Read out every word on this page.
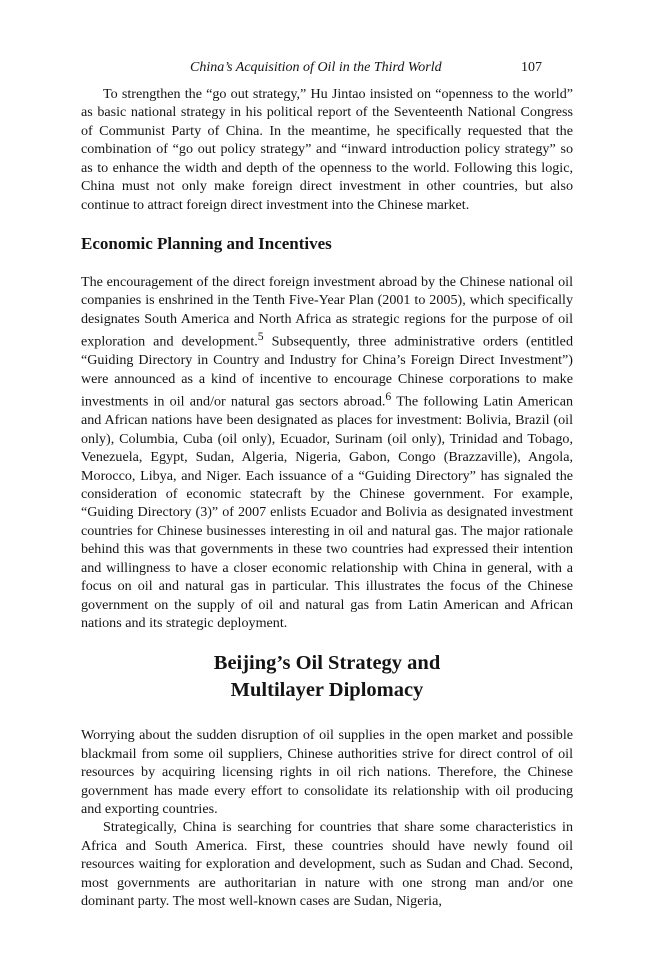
China’s Acquisition of Oil in the Third World	107

To strengthen the “go out strategy,” Hu Jintao insisted on “openness to the world” as basic national strategy in his political report of the Seventeenth National Congress of Communist Party of China. In the meantime, he specifically requested that the combination of “go out policy strategy” and “inward introduction policy strategy” so as to enhance the width and depth of the openness to the world. Following this logic, China must not only make foreign direct investment in other countries, but also continue to attract foreign direct investment into the Chinese market.

Economic Planning and Incentives

The encouragement of the direct foreign investment abroad by the Chinese national oil companies is enshrined in the Tenth Five-Year Plan (2001 to 2005), which specifically designates South America and North Africa as strategic regions for the purpose of oil exploration and development.$^5$ Subsequently, three administrative orders (entitled “Guiding Directory in Country and Industry for China’s Foreign Direct Investment”) were announced as a kind of incentive to encourage Chinese corporations to make investments in oil and/or natural gas sectors abroad.$^6$ The following Latin American and African nations have been designated as places for investment: Bolivia, Brazil (oil only), Columbia, Cuba (oil only), Ecuador, Surinam (oil only), Trinidad and Tobago, Venezuela, Egypt, Sudan, Algeria, Nigeria, Gabon, Congo (Brazzaville), Angola, Morocco, Libya, and Niger. Each issuance of a “Guiding Directory” has signaled the consideration of economic statecraft by the Chinese government. For example, “Guiding Directory (3)” of 2007 enlists Ecuador and Bolivia as designated investment countries for Chinese businesses interesting in oil and natural gas. The major rationale behind this was that governments in these two countries had expressed their intention and willingness to have a closer economic relationship with China in general, with a focus on oil and natural gas in particular. This illustrates the focus of the Chinese government on the supply of oil and natural gas from Latin American and African nations and its strategic deployment.

Beijing’s Oil Strategy and
Multilayer Diplomacy

Worrying about the sudden disruption of oil supplies in the open market and possible blackmail from some oil suppliers, Chinese authorities strive for direct control of oil resources by acquiring licensing rights in oil rich nations. Therefore, the Chinese government has made every effort to consolidate its relationship with oil producing and exporting countries.

Strategically, China is searching for countries that share some characteristics in Africa and South America. First, these countries should have newly found oil resources waiting for exploration and development, such as Sudan and Chad. Second, most governments are authoritarian in nature with one strong man and/or one dominant party. The most well-known cases are Sudan, Nigeria,
